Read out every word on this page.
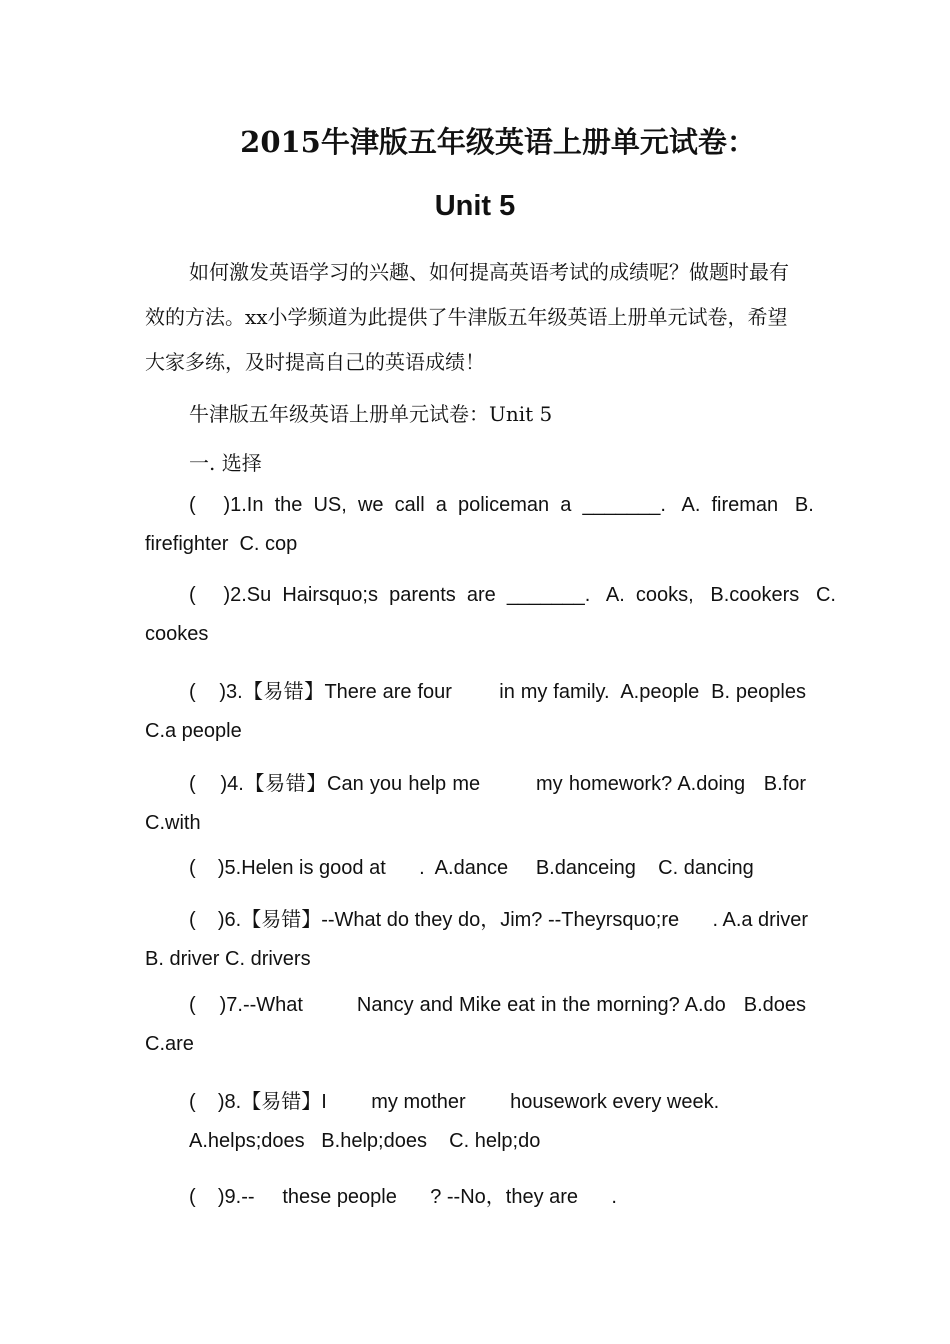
2015牛津版五年级英语上册单元试卷：
Unit 5
如何激发英语学习的兴趣、如何提高英语考试的成绩呢？做题时最有效的方法。xx小学频道为此提供了牛津版五年级英语上册单元试卷，希望大家多练，及时提高自己的英语成绩！
牛津版五年级英语上册单元试卷：Unit 5
一. 选择
(     )1.In  the  US,  we  call  a  policeman  a  _______.   A.  fireman   B.
firefighter  C. cop
(     )2.Su  Hairsquo;s  parents  are  _______.   A.  cooks,   B.cookers   C.
cookes
(    )3.【易错】There are four        in my family.  A.people  B. peoples
C.a people
(    )4.【易错】Can you help me         my homework? A.doing   B.for
C.with
(    )5.Helen is good at      .  A.dance     B.danceing    C. dancing
(    )6.【易错】--What do they do，Jim? --Theyrsquo;re      . A.a driver
B. driver C. drivers
(    )7.--What         Nancy and Mike eat in the morning? A.do   B.does
C.are
(    )8.【易错】I        my mother        housework every week.
A.helps;does   B.help;does    C. help;do
(    )9.--     these people      ? --No，they are      .
